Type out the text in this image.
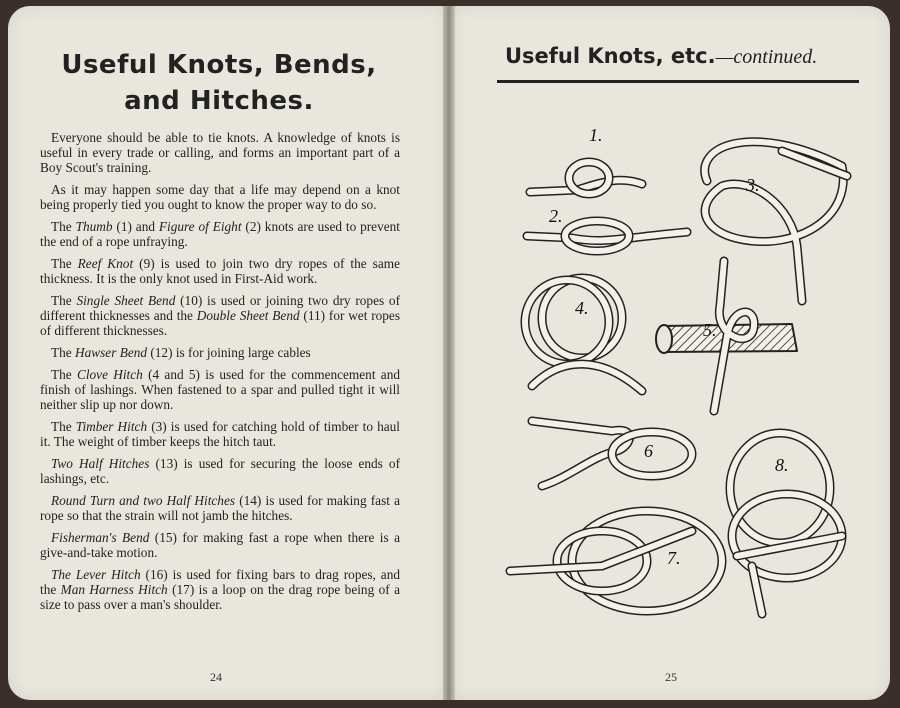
Useful Knots, Bends,
and Hitches.

Everyone should be able to tie knots. A knowledge of knots is useful in every trade or calling, and forms an important part of a Boy Scout's training.

As it may happen some day that a life may depend on a knot being properly tied you ought to know the proper way to do so.

The Thumb (1) and Figure of Eight (2) knots are used to prevent the end of a rope unfraying.

The Reef Knot (9) is used to join two dry ropes of the same thickness. It is the only knot used in First-Aid work.

The Single Sheet Bend (10) is used or joining two dry ropes of different thicknesses and the Double Sheet Bend (11) for wet ropes of different thicknesses.

The Hawser Bend (12) is for joining large cables

The Clove Hitch (4 and 5) is used for the commencement and finish of lashings. When fastened to a spar and pulled tight it will neither slip up nor down.

The Timber Hitch (3) is used for catching hold of timber to haul it. The weight of timber keeps the hitch taut.

Two Half Hitches (13) is used for securing the loose ends of lashings, etc.

Round Turn and two Half Hitches (14) is used for making fast a rope so that the strain will not jamb the hitches.

Fisherman's Bend (15) for making fast a rope when there is a give-and-take motion.

The Lever Hitch (16) is used for fixing bars to drag ropes, and the Man Harness Hitch (17) is a loop on the drag rope being of a size to pass over a man's shoulder.

24
Useful Knots, etc.—continued.
1.
2.
3.
4.
5.
6
7.
8.
25
